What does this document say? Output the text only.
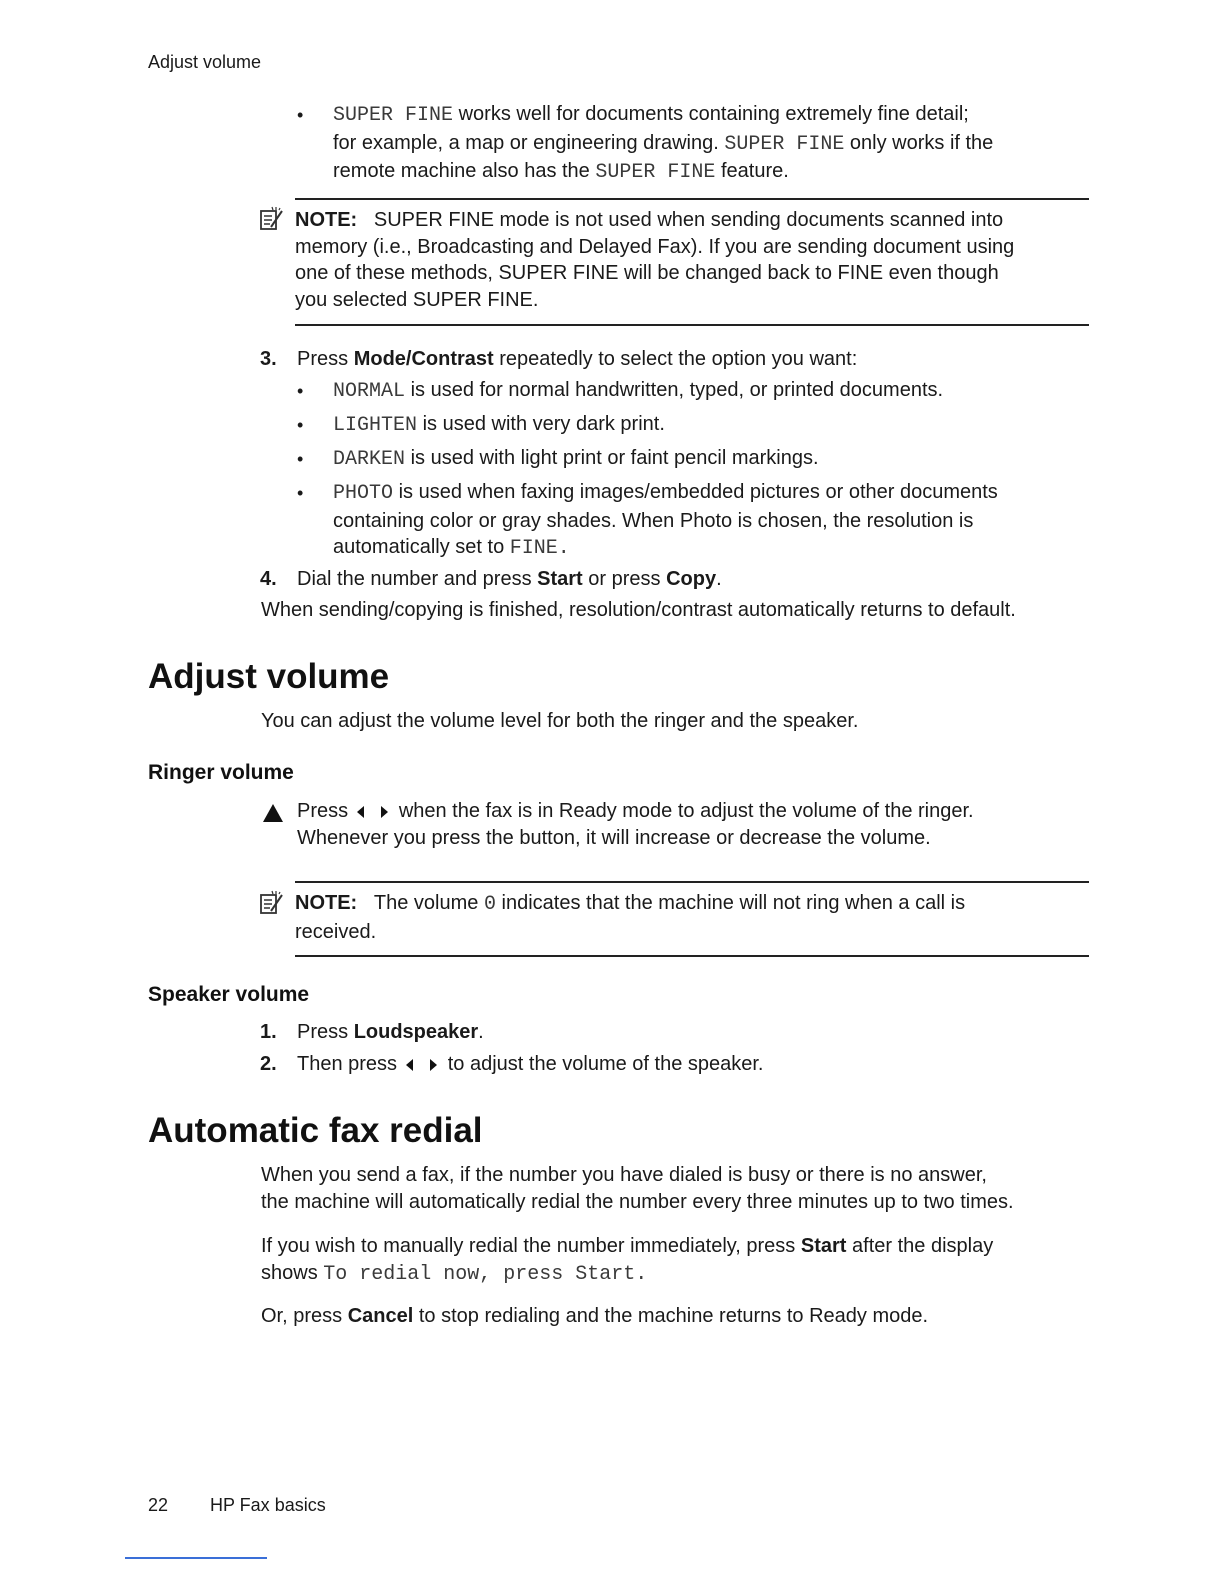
Adjust volume
• SUPER FINE works well for documents containing extremely fine detail;
for example, a map or engineering drawing. SUPER FINE only works if the
remote machine also has the SUPER FINE feature.
NOTE: SUPER FINE mode is not used when sending documents scanned into
memory (i.e., Broadcasting and Delayed Fax). If you are sending document using
one of these methods, SUPER FINE will be changed back to FINE even though
you selected SUPER FINE.
3. Press Mode/Contrast repeatedly to select the option you want:
• NORMAL is used for normal handwritten, typed, or printed documents.
• LIGHTEN is used with very dark print.
• DARKEN is used with light print or faint pencil markings.
• PHOTO is used when faxing images/embedded pictures or other documents
containing color or gray shades. When Photo is chosen, the resolution is
automatically set to FINE.
4. Dial the number and press Start or press Copy.
When sending/copying is finished, resolution/contrast automatically returns to default.
Adjust volume
You can adjust the volume level for both the ringer and the speaker.
Ringer volume
Press   when the fax is in Ready mode to adjust the volume of the ringer.
Whenever you press the button, it will increase or decrease the volume.
NOTE: The volume 0 indicates that the machine will not ring when a call is
received.
Speaker volume
1. Press Loudspeaker.
2. Then press   to adjust the volume of the speaker.
Automatic fax redial
When you send a fax, if the number you have dialed is busy or there is no answer,
the machine will automatically redial the number every three minutes up to two times.
If you wish to manually redial the number immediately, press Start after the display
shows To redial now, press Start.
Or, press Cancel to stop redialing and the machine returns to Ready mode.
22 HP Fax basics
